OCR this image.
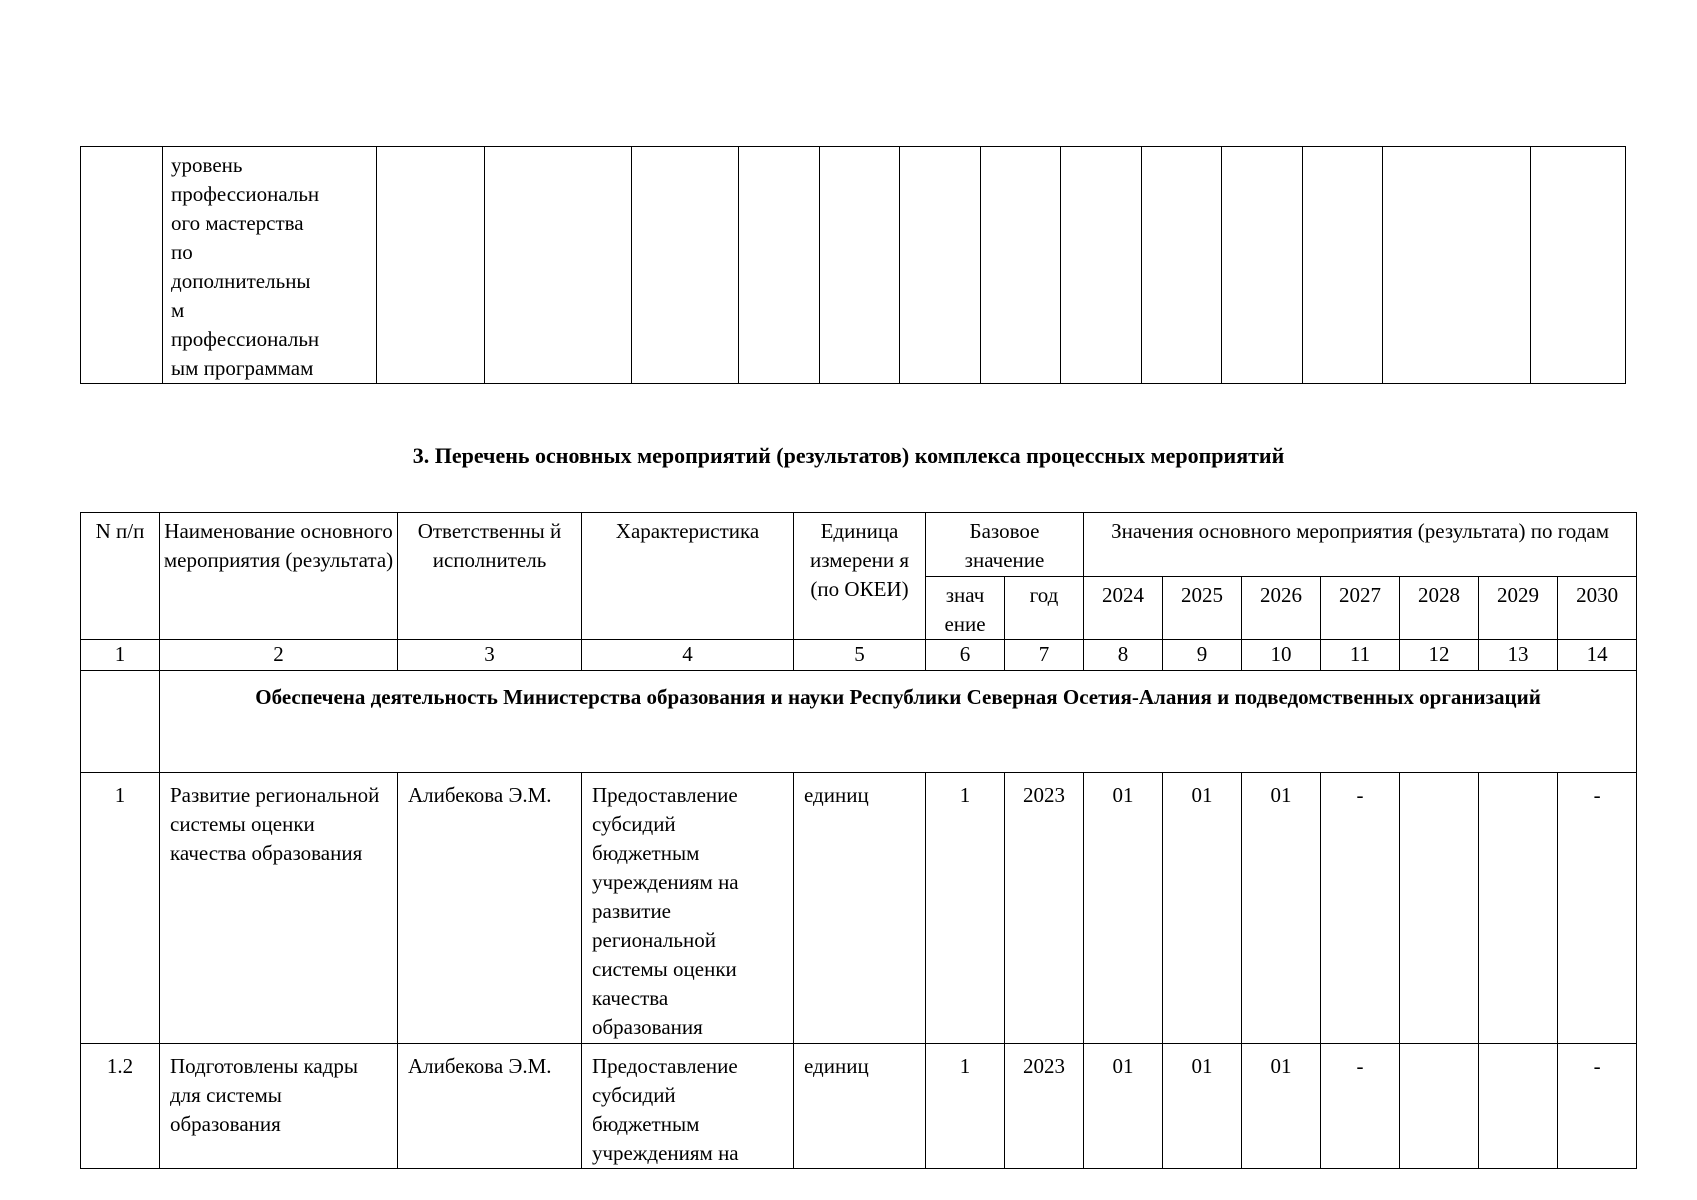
уровень
профессиональн
ого мастерства
по
дополнительны
м
профессиональн
ым программам

3. Перечень основных мероприятий (результатов) комплекса процессных мероприятий
N п/п	Наименование основного мероприятия (результата)	Ответственны й исполнитель	Характеристика	Единица измерени я (по ОКЕИ)	Базовое значение		Значения основного мероприятия (результата) по годам						
					знач ение	год	2024	2025	2026	2027	2028	2029	2030
1	2	3	4	5	6	7	8	9	10	11	12	13	14
	Обеспечена деятельность Министерства образования и науки Республики Северная Осетия-Алания и подведомственных организаций												
1	Развитие региональной системы оценки качества образования	Алибекова Э.М.	Предоставление субсидий бюджетным учреждениям на развитие региональной системы оценки качества образования	единиц	1	2023	01	01	01	-			-
1.2	Подготовлены кадры для системы образования	Алибекова Э.М.	Предоставление субсидий бюджетным учреждениям на	единиц	1	2023	01	01	01	-			-
